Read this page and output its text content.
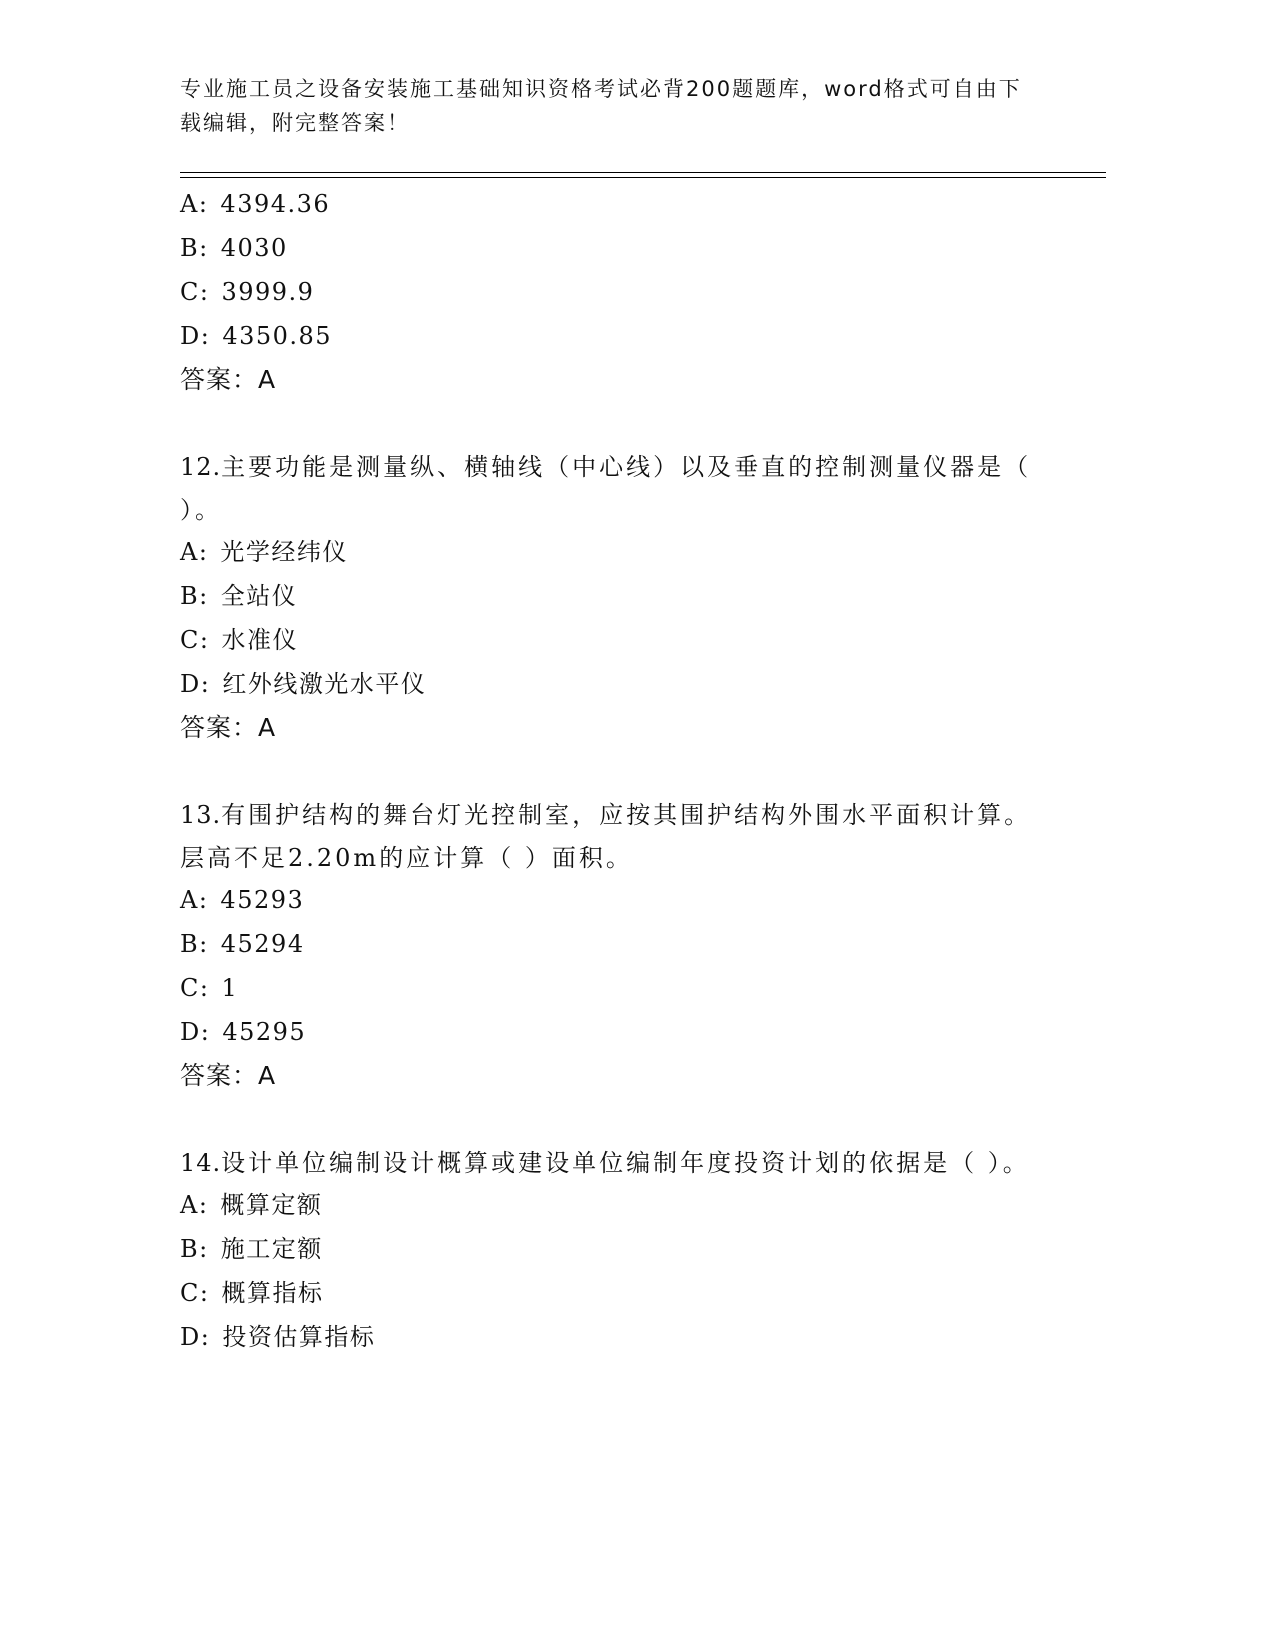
专业施工员之设备安装施工基础知识资格考试必背200题题库，word格式可自由下载编辑，附完整答案！
A: 4394.36
B: 4030
C: 3999.9
D: 4350.85
答案：A
12.主要功能是测量纵、横轴线（中心线）以及垂直的控制测量仪器是（ ）。
A: 光学经纬仪
B: 全站仪
C: 水准仪
D: 红外线激光水平仪
答案：A
13.有围护结构的舞台灯光控制室，应按其围护结构外围水平面积计算。层高不足2.20m的应计算（ ）面积。
A: 45293
B: 45294
C: 1
D: 45295
答案：A
14.设计单位编制设计概算或建设单位编制年度投资计划的依据是（ ）。
A: 概算定额
B: 施工定额
C: 概算指标
D: 投资估算指标
